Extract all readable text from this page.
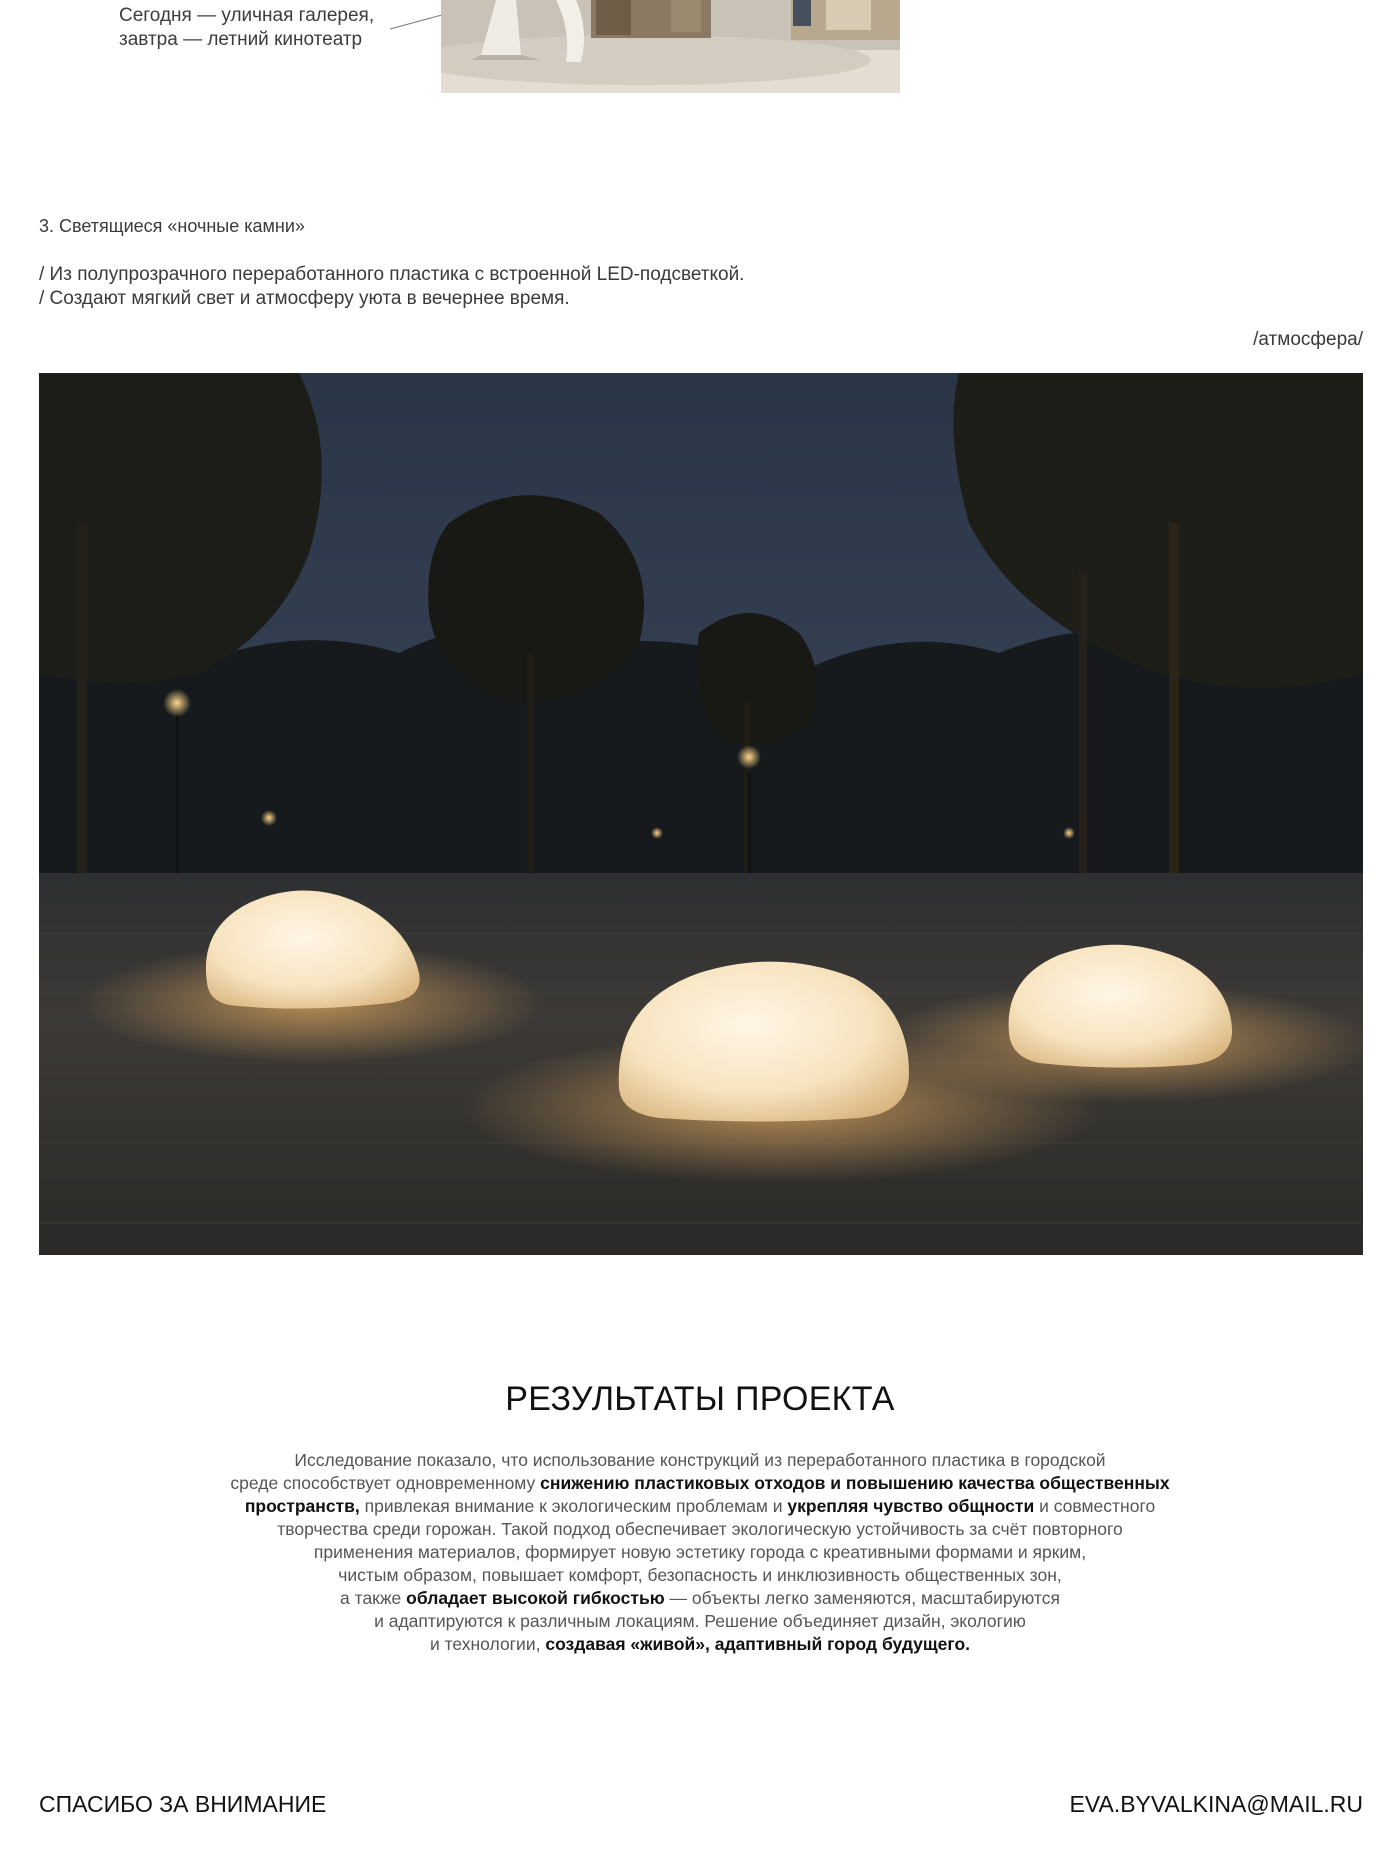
Сегодня — уличная галерея,
завтра — летний кинотеатр
3. Светящиеся «ночные камни»
/ Из полупрозрачного переработанного пластика с встроенной LED-подсветкой.
/ Создают мягкий свет и атмосферу уюта в вечернее время.
/атмосфера/
РЕЗУЛЬТАТЫ ПРОЕКТА

Исследование показало, что использование конструкций из переработанного пластика в городской

среде способствует одновременному снижению пластиковых отходов и повышению качества общественных

пространств, привлекая внимание к экологическим проблемам и укрепляя чувство общности и совместного

творчества среди горожан. Такой подход обеспечивает экологическую устойчивость за счёт повторного

применения материалов, формирует новую эстетику города с креативными формами и ярким,

чистым образом, повышает комфорт, безопасность и инклюзивность общественных зон,

а также обладает высокой гибкостью — объекты легко заменяются, масштабируются

и адаптируются к различным локациям. Решение объединяет дизайн, экологию

и технологии, создавая «живой», адаптивный город будущего.

СПАСИБО ЗА ВНИМАНИЕ	EVA.BYVALKINA@MAIL.RU
